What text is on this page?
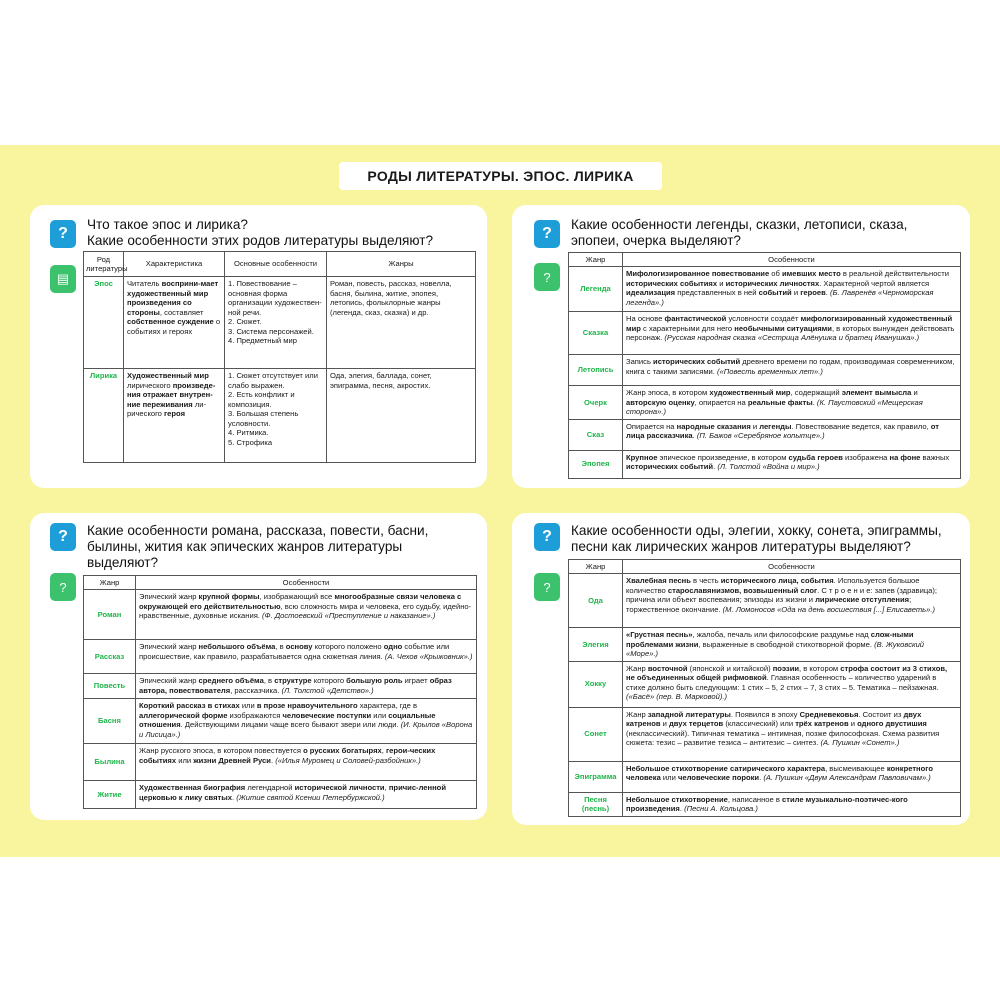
РОДЫ ЛИТЕРАТУРЫ. ЭПОС. ЛИРИКА
?
Что такое эпос и лирика?
Какие особенности этих родов литературы выделяют?
▤
Род литературы	Характеристика	Основные особенности	Жанры
Эпос	Читатель восприни-мает художественный мир произведения со стороны, составляет собственное суждение о событиях и героях	1. Повествование – основная форма организации художествен-ной речи.
2. Сюжет.
3. Система персонажей.
4. Предметный мир	Роман, повесть, рассказ, новелла, басня, былина, житие, эпопея, летопись, фольклорные жанры (легенда, сказ, сказка) и др.
Лирика	Художественный мир лирического произведе-ния отражает внутрен-ние переживания ли-рического героя	1. Сюжет отсутствует или слабо выражен.
2. Есть конфликт и композиция.
3. Большая степень условности.
4. Ритмика.
5. Строфика	Ода, элегия, баллада, сонет, эпиграмма, песня, акростих.
?
Какие особенности легенды, сказки, летописи, сказа,
эпопеи, очерка выделяют?
?
Жанр	Особенности
Легенда	Мифологизированное повествование об имевших место в реальной действительности исторических событиях и исторических личностях. Характерной чертой является идеализация представленных в ней событий и героев. (Б. Лавренёв «Черноморская легенда».)
Сказка	На основе фантастической условности создаёт мифологизированный художественный мир с характерными для него необычными ситуациями, в которых вынужден действовать персонаж. (Русская народная сказка «Сестрица Алёнушка и братец Иванушка».)
Летопись	Запись исторических событий древнего времени по годам, производимая современником, книга с такими записями. («Повесть временных лет».)
Очерк	Жанр эпоса, в котором художественный мир, содержащий элемент вымысла и авторскую оценку, опирается на реальные факты. (К. Паустовский «Мещерская сторона».)
Сказ	Опирается на народные сказания и легенды. Повествование ведется, как правило, от лица рассказчика. (П. Бажов «Серебряное копытце».)
Эпопея	Крупное эпическое произведение, в котором судьба героев изображена на фоне важных исторических событий. (Л. Толстой «Война и мир».)
?	Какие особенности романа, рассказа, повести, басни,
былины, жития как эпических жанров литературы
выделяют?
?	Жанр	Особенности
Роман	Эпический жанр крупной формы, изображающий все многообразные связи человека с окружающей его действительностью, всю сложность мира и человека, его судьбу, идейно-нравственные, духовные искания. (Ф. Достоевский «Преступление и наказание».)
Рассказ	Эпический жанр небольшого объёма, в основу которого положено одно событие или происшествие, как правило, разрабатывается одна сюжетная линия. (А. Чехов «Крыжовник».)
Повесть	Эпический жанр среднего объёма, в структуре которого большую роль играет образ автора, повествователя, рассказчика. (Л. Толстой «Детство».)
Басня	Короткий рассказ в стихах или в прозе нравоучительного характера, где в аллегорической форме изображаются человеческие поступки или социальные отношения. Действующими лицами чаще всего бывают звери или люди. (И. Крылов «Ворона и Лисица».)
Былина	Жанр русского эпоса, в котором повествуется о русских богатырях, герои-ческих событиях или жизни Древней Руси. («Илья Муромец и Соловей-разбойник».)
Житие	Художественная биография легендарной исторической личности, причис-ленной церковью к лику святых. (Житие святой Ксении Петербуржской.)
?	Какие особенности оды, элегии, хокку, сонета, эпиграммы,
песни как лирических жанров литературы выделяют?
?
Жанр	Особенности
Ода	Хвалебная песнь в честь исторического лица, события. Используется большое количество старославянизмов, возвышенный слог. С т р о е н и е: запев (здравица); причина или объект воспевания; эпизоды из жизни и лирические отступления; торжественное окончание. (М. Ломоносов «Ода на день восшествия [...] Елисаветь».)
Элегия	«Грустная песнь», жалоба, печаль или философские раздумье над слож-ными проблемами жизни, выраженные в свободной стихотворной форме. (В. Жуковский «Море».)
Хокку	Жанр восточной (японской и китайской) поэзии, в котором строфа состоит из 3 стихов, не объединенных общей рифмовкой. Главная особенность – количество ударений в стихе должно быть следующим: 1 стих – 5, 2 стих – 7, 3 стих – 5. Тематика – пейзажная. («Басё» (пер. В. Марковой).)
Сонет	Жанр западной литературы. Появился в эпоху Средневековья. Состоит из двух катренов и двух терцетов (классический) или трёх катренов и одного двустишия (неклассический). Типичная тематика – интимная, позже философская. Схема развития сюжета: тезис – развитие тезиса – антитезис – синтез. (А. Пушкин «Сонет».)
Эпиграмма	Небольшое стихотворение сатирического характера, высмеивающее конкретного человека или человеческие пороки. (А. Пушкин «Двум Александрам Павловичам».)
Песня (песнь)	Небольшое стихотворение, написанное в стиле музыкально-поэтичес-кого произведения. (Песни А. Кольцова.)
